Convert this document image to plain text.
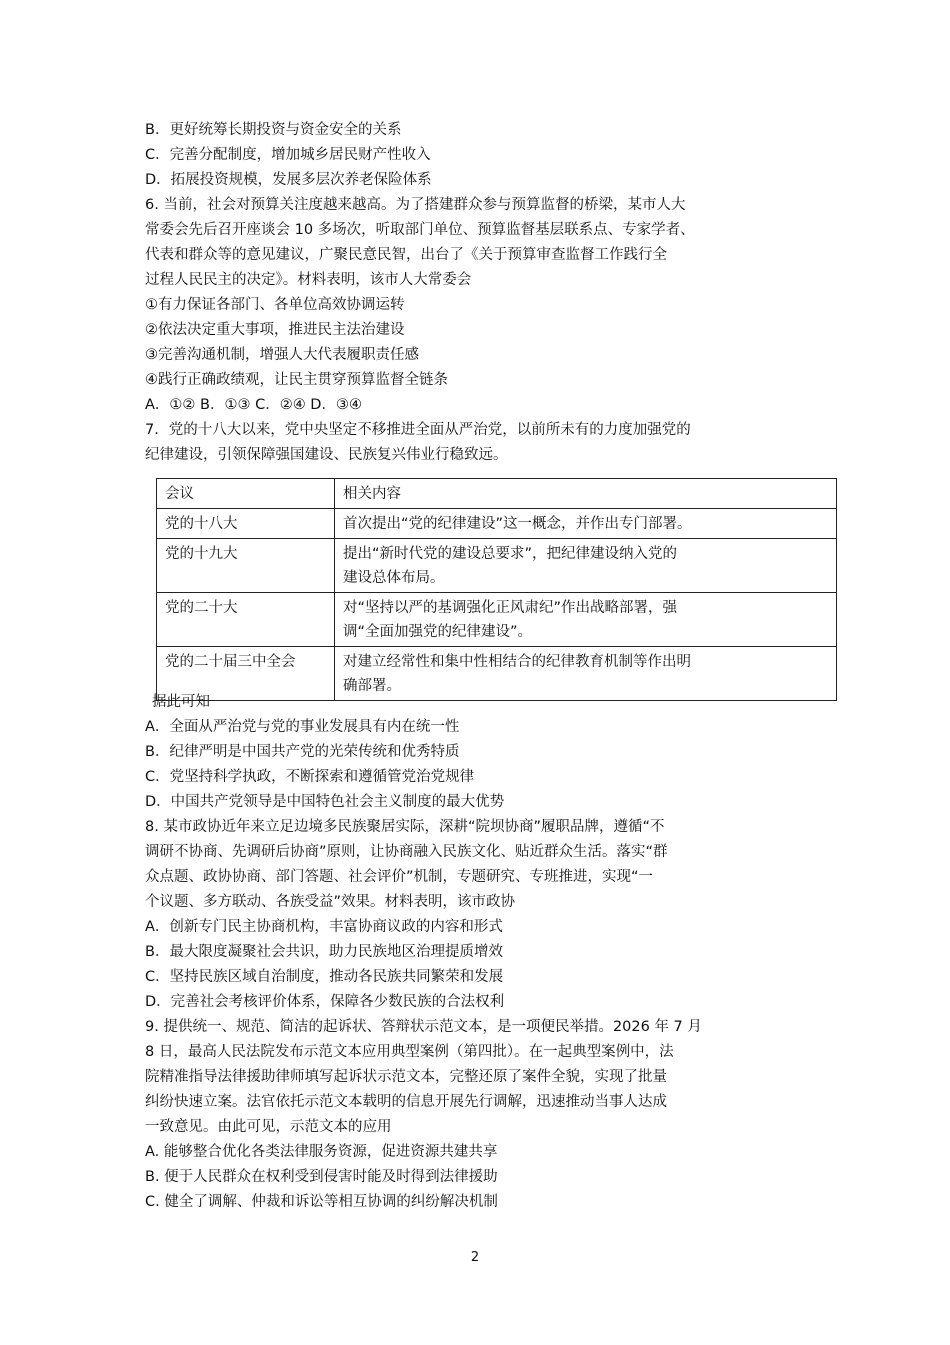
B．更好统筹长期投资与资金安全的关系
C．完善分配制度，增加城乡居民财产性收入
D．拓展投资规模，发展多层次养老保险体系
6. 当前，社会对预算关注度越来越高。为了搭建群众参与预算监督的桥梁，某市人大
常委会先后召开座谈会 10 多场次，听取部门单位、预算监督基层联系点、专家学者、
代表和群众等的意见建议，广聚民意民智，出台了《关于预算审查监督工作践行全
过程人民民主的决定》。材料表明，该市人大常委会
①有力保证各部门、各单位高效协调运转
②依法决定重大事项，推进民主法治建设
③完善沟通机制，增强人大代表履职责任感
④践行正确政绩观，让民主贯穿预算监督全链条
A．①② B．①③ C．②④ D．③④
7．党的十八大以来，党中央坚定不移推进全面从严治党，以前所未有的力度加强党的
纪律建设，引领保障强国建设、民族复兴伟业行稳致远。
会议	相关内容
党的十八大	首次提出“党的纪律建设”这一概念，并作出专门部署。
党的十九大	提出“新时代党的建设总要求”，把纪律建设纳入党的
建设总体布局。
党的二十大	对“坚持以严的基调强化正风肃纪”作出战略部署，强
调“全面加强党的纪律建设”。
党的二十届三中全会	对建立经常性和集中性相结合的纪律教育机制等作出明
确部署。
据此可知
A．全面从严治党与党的事业发展具有内在统一性
B．纪律严明是中国共产党的光荣传统和优秀特质
C．党坚持科学执政，不断探索和遵循管党治党规律
D．中国共产党领导是中国特色社会主义制度的最大优势
8. 某市政协近年来立足边境多民族聚居实际，深耕“院坝协商”履职品牌，遵循“不
调研不协商、先调研后协商”原则，让协商融入民族文化、贴近群众生活。落实“群
众点题、政协协商、部门答题、社会评价”机制，专题研究、专班推进，实现“一
个议题、多方联动、各族受益”效果。材料表明，该市政协
A．创新专门民主协商机构，丰富协商议政的内容和形式
B．最大限度凝聚社会共识，助力民族地区治理提质增效
C．坚持民族区域自治制度，推动各民族共同繁荣和发展
D．完善社会考核评价体系，保障各少数民族的合法权利
9. 提供统一、规范、简洁的起诉状、答辩状示范文本，是一项便民举措。2026 年 7 月
8 日，最高人民法院发布示范文本应用典型案例（第四批）。在一起典型案例中，法
院精准指导法律援助律师填写起诉状示范文本，完整还原了案件全貌，实现了批量
纠纷快速立案。法官依托示范文本载明的信息开展先行调解，迅速推动当事人达成
一致意见。由此可见，示范文本的应用
A. 能够整合优化各类法律服务资源，促进资源共建共享
B. 便于人民群众在权利受到侵害时能及时得到法律援助
C. 健全了调解、仲裁和诉讼等相互协调的纠纷解决机制
2
